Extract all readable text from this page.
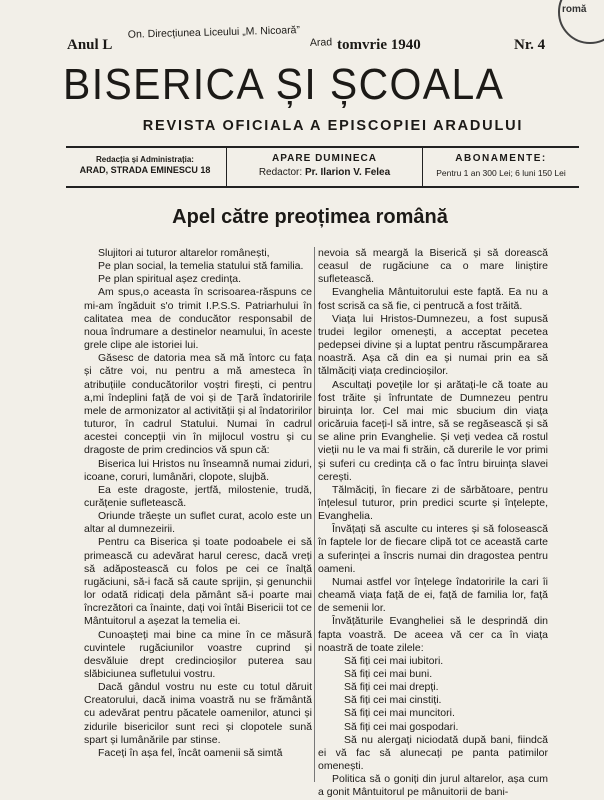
On. Direcțiunea Liceului „M. Nicoară”
Arad
romă
Anul L	tomvrie 1940	Nr. 4
BISERICA ȘI ȘCOALA
REVISTA OFICIALA A EPISCOPIEI ARADULUI
Redacția și Administrația:
ARAD, STRADA EMINESCU 18
APARE DUMINECA
Redactor: Pr. Ilarion V. Felea
ABONAMENTE:
Pentru 1 an 300 Lei; 6 luni 150 Lei
Apel către preoțimea română

Slujitori ai tuturor altarelor românești,

Pe plan social, la temelia statului stă familia.

Pe plan spiritual așez credința.

Am spus,o aceasta în scrisoarea-răspuns ce mi-am îngăduit s'o trimit I.P.S.S. Patriarhului în calitatea mea de conducător responsabil de noua îndrumare a destinelor neamului, în aceste grele clipe ale istoriei lui.

Găsesc de datoria mea să mă întorc cu fața și către voi, nu pentru a mă amesteca în atribuțiile conducătorilor voștri firești, ci pentru a,mi îndeplini față de voi și de Țară îndatoririle mele de armonizator al activității și al îndatoririlor tuturor, în cadrul Statului. Numai în cadrul acestei concepții vin în mijlocul vostru și cu dragoste de prim credincios vă spun că:

Biserica lui Hristos nu înseamnă numai ziduri, icoane, coruri, lumânări, clopote, slujbă.

Ea este dragoste, jertfă, milostenie, trudă, curățenie sufletească.

Oriunde trăește un suflet curat, acolo este un altar al dumnezeirii.

Pentru ca Biserica și toate podoabele ei să primească cu adevărat harul ceresc, dacă vreți să adăpostească cu folos pe cei ce înalță rugăciuni, să-i facă să caute sprijin, și genunchii lor odată ridicați dela pământ să-i poarte mai încrezători ca înainte, dați voi întâi Bisericii tot ce Mântuitorul a așezat la temelia ei.

Cunoașteți mai bine ca mine în ce măsură cuvintele rugăciunilor voastre cuprind și desvăluie drept credincioșilor puterea sau slăbiciunea sufletului vostru.

Dacă gândul vostru nu este cu totul dăruit Creatorului, dacă inima voastră nu se frământă cu adevărat pentru păcatele oamenilor, atunci și zidurile bisericilor sunt reci și clopotele sună spart și lumânările par stinse.

Faceți în așa fel, încât oamenii să simtă

nevoia să meargă la Biserică și să dorească ceasul de rugăciune ca o mare liniștire sufletească.

Evanghelia Mântuitorului este faptă. Ea nu a fost scrisă ca să fie, ci pentrucă a fost trăită.

Viața lui Hristos-Dumnezeu, a fost supusă trudei legilor omenești, a acceptat pecetea pedepsei divine și a luptat pentru răscumpărarea noastră. Așa că din ea și numai prin ea să tălmăciți viața credincioșilor.

Ascultați povețile lor și arătați-le că toate au fost trăite și înfruntate de Dumnezeu pentru biruința lor. Cel mai mic sbucium din viața oricăruia faceți-l să intre, să se regăsească și să se aline prin Evanghelie. Și veți vedea că rostul vieții nu le va mai fi străin, că durerile le vor primi și suferi cu credința că o fac întru biruința slavei cerești.

Tălmăciți, în fiecare zi de sărbătoare, pentru înțelesul tuturor, prin predici scurte și înțelepte, Evanghelia.

Învățați să asculte cu interes și să folosească în faptele lor de fiecare clipă tot ce această carte a suferinței a înscris numai din dragostea pentru oameni.

Numai astfel vor înțelege îndatoririle la cari îi cheamă viața față de ei, față de familia lor, față de semenii lor.

Învățăturile Evangheliei să le desprindă din fapta voastră. De aceea vă cer ca în viața noastră de toate zilele:

Să fiți cei mai iubitori.

Să fiți cei mai buni.

Să fiți cei mai drepți.

Să fiți cei mai cinstiți.

Să fiți cei mai muncitori.

Să fiți cei mai gospodari.

Să nu alergați niciodată după bani, fiindcă ei vă fac să alunecați pe panta patimilor omenești.

Politica să o goniți din jurul altarelor, așa cum a gonit Mântuitorul pe mânuitorii de bani-
